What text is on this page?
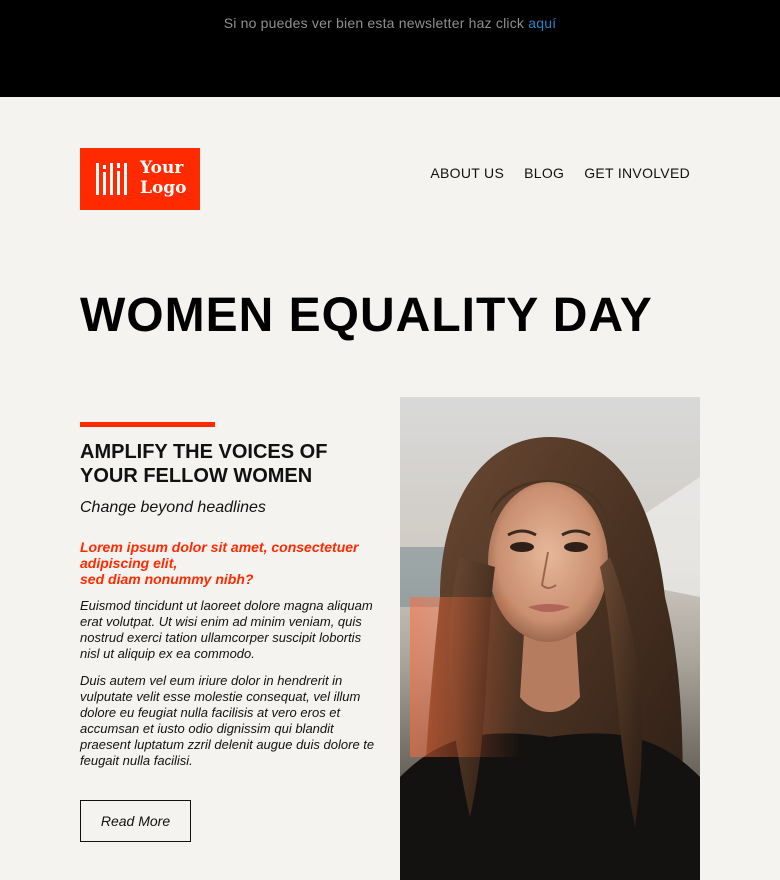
Si no puedes ver bien esta newsletter haz click aquí
Your
Logo
ABOUT US BLOG GET INVOLVED
WOMEN EQUALITY DAY
AMPLIFY THE VOICES OF YOUR FELLOW WOMEN

Change beyond headlines

Lorem ipsum dolor sit amet, consectetuer adipiscing elit,
sed diam nonummy nibh?

Euismod tincidunt ut laoreet dolore magna aliquam erat volutpat. Ut wisi enim ad minim veniam, quis nostrud exerci tation ullamcorper suscipit lobortis nisl ut aliquip ex ea commodo.

Duis autem vel eum iriure dolor in hendrerit in vulputate velit esse molestie consequat, vel illum dolore eu feugiat nulla facilisis at vero eros et accumsan et iusto odio dignissim qui blandit praesent luptatum zzril delenit augue duis dolore te feugait nulla facilisi.

Read More
